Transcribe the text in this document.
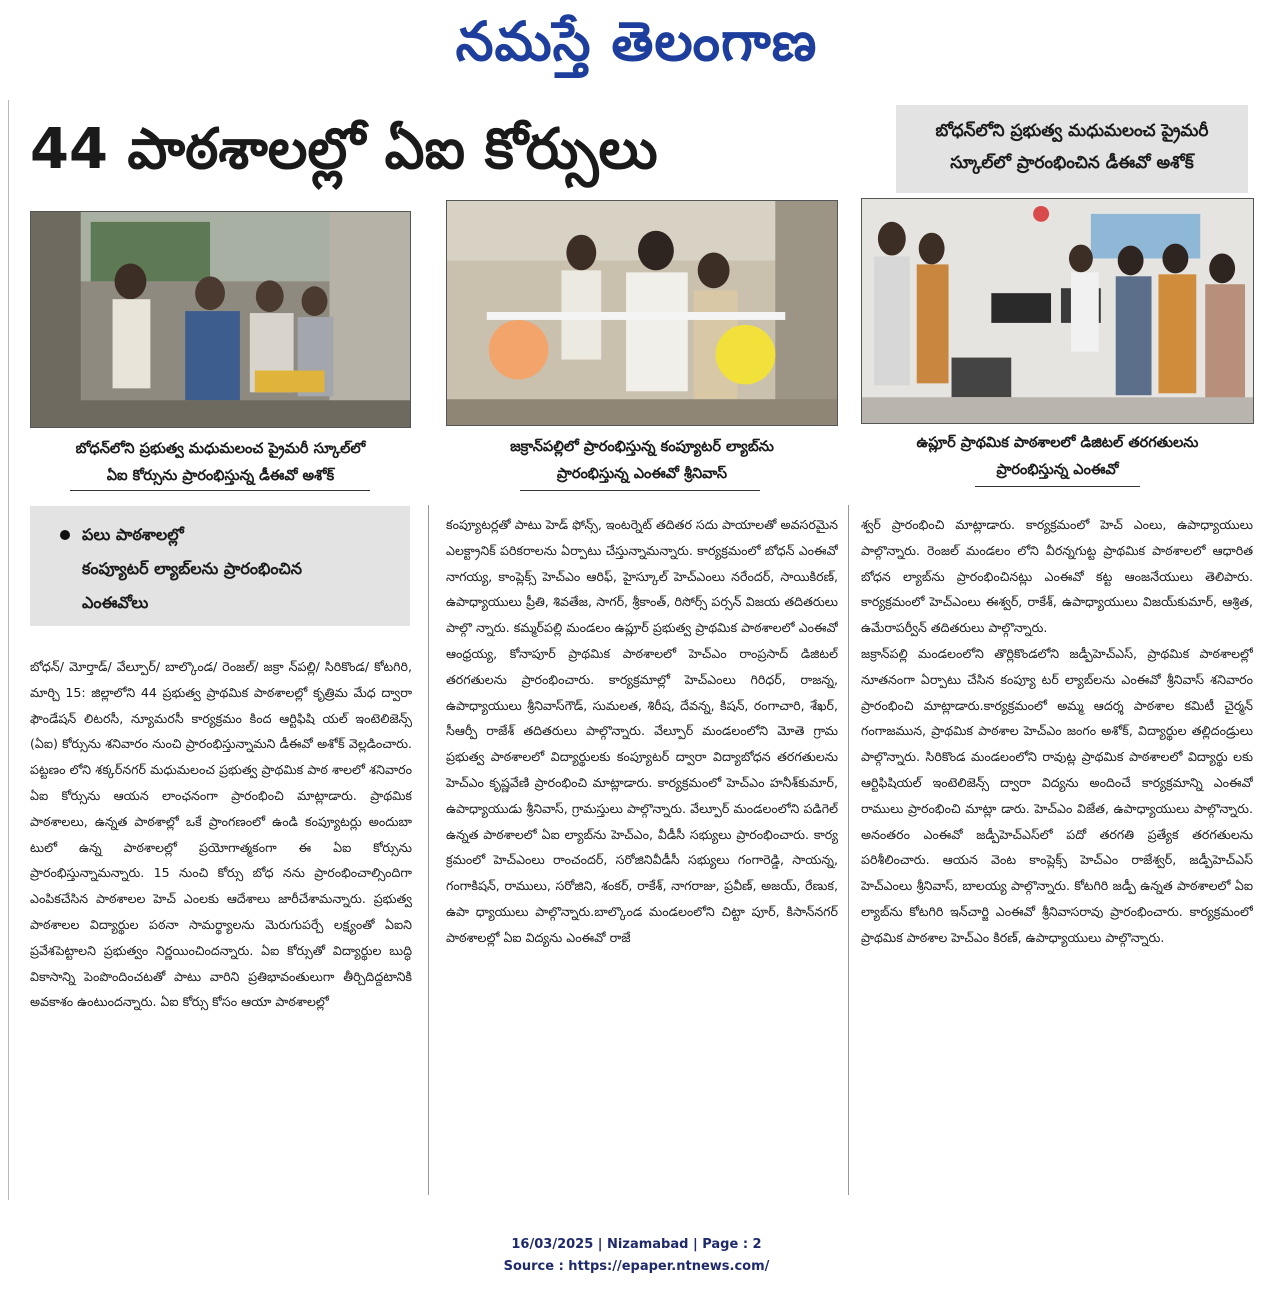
నమస్తే తెలంగాణ
44 పాఠశాలల్లో ఏఐ కోర్సులు	బోధన్‌లోని ప్రభుత్వ మధుమలంచ ప్రైమరీ
స్కూల్‌లో ప్రారంభించిన డీఈవో అశోక్
బోధన్‌లోని ప్రభుత్వ మధుమలంచ ప్రైమరీ స్కూల్‌లో
ఏఐ కోర్సును ప్రారంభిస్తున్న డీఈవో అశోక్
జక్రాన్‌పల్లిలో ప్రారంభిస్తున్న కంప్యూటర్ ల్యాబ్‌ను
ప్రారంభిస్తున్న ఎంఈవో శ్రీనివాస్
ఉప్లూర్ ప్రాథమిక పాఠశాలలో డిజిటల్ తరగతులను
ప్రారంభిస్తున్న ఎంఈవో
పలు పాఠశాలల్లో
కంప్యూటర్ ల్యాబ్‌లను ప్రారంభించిన
ఎంఈవోలు

బోధన్/ మోర్తాడ్/ వేల్పూర్/ బాల్కొండ/ రెంజల్/ జక్రా న్‌పల్లి/ సిరికొండ/ కోటగిరి, మార్చి 15: జిల్లాలోని 44 ప్రభుత్వ ప్రాథమిక పాఠశాలల్లో కృత్రిమ మేధ ద్వారా ఫౌండేషన్ లిటరసీ, న్యూమరసీ కార్యక్రమం కింద ఆర్టిఫిషి యల్ ఇంటెలిజెన్స్ (ఏఐ) కోర్సును శనివారం నుంచి ప్రారంభిస్తున్నామని డీఈవో అశోక్ వెల్లడించారు. పట్టణం లోని శక్కర్‌నగర్ మధుమలంచ ప్రభుత్వ ప్రాథమిక పాఠ శాలలో శనివారం ఏఐ కోర్సును ఆయన లాంఛనంగా ప్రారంభించి మాట్లాడారు. ప్రాథమిక పాఠశాలలు, ఉన్నత పాఠశాల్లో ఒకే ప్రాంగణంలో ఉండి కంప్యూటర్లు అందుబా టులో ఉన్న పాఠశాలల్లో ప్రయోగాత్మకంగా ఈ ఏఐ కోర్సును ప్రారంభిస్తున్నామన్నారు. 15 నుంచి కోర్సు బోధ నను ప్రారంభించాల్సిందిగా ఎంపికచేసిన పాఠశాలల హెచ్ ఎంలకు ఆదేశాలు జారీచేశామన్నారు. ప్రభుత్వ పాఠశాలల విద్యార్థుల పఠనా సామర్థ్యాలను మెరుగుపర్చే లక్ష్యంతో ఏఐని ప్రవేశపెట్టాలని ప్రభుత్వం నిర్ణయించిందన్నారు. ఏఐ కోర్సుతో విద్యార్థుల బుద్ధి వికాసాన్ని పెంపొందించటతో పాటు వారిని ప్రతిభావంతులుగా తీర్చిదిద్దటానికి అవకాశం ఉంటుందన్నారు. ఏఐ కోర్సు కోసం ఆయా పాఠశాలల్లో

కంప్యూటర్లతో పాటు హెడ్ ఫోన్స్, ఇంటర్నెట్ తదితర సదు పాయాలతో అవసరమైన ఎలక్ట్రానిక్ పరికరాలను ఏర్పాటు చేస్తున్నామన్నారు. కార్యక్రమంలో బోధన్ ఎంఈవో నాగయ్య, కాంప్లెక్స్ హెచ్‌ఎం ఆరిఫ్, హైస్కూల్ హెచ్‌ఎంలు నరేందర్, సాయికిరణ్, ఉపాధ్యాయులు ప్రీతి, శివతేజ, సాగర్, శ్రీకాంత్, రిసోర్స్ పర్సన్ విజయ తదితరులు పాల్గొ న్నారు. కమ్మర్‌పల్లి మండలం ఉప్లూర్ ప్రభుత్వ ప్రాథమిక పాఠశాలలో ఎంఈవో ఆంధ్రయ్య, కోనాపూర్ ప్రాథమిక పాఠశాలలో హెచ్‌ఎం రాంప్రసాద్ డిజిటల్ తరగతులను ప్రారంభించారు. కార్యక్రమాల్లో హెచ్‌ఎంలు గిరిధర్, రాజన్న, ఉపాధ్యాయులు శ్రీనివాస్‌గౌడ్, సుమలత, శిరీష, దేవన్న, కిషన్, రంగాచారి, శేఖర్, సీఆర్పీ రాజేశ్ తదితరులు పాల్గొన్నారు. వేల్పూర్ మండలంలోని మోతె గ్రామ ప్రభుత్వ పాఠశాలలో విద్యార్థులకు కంప్యూటర్ ద్వారా విద్యాబోధన తరగతులను హెచ్‌ఎం కృష్ణవేణి ప్రారంభించి మాట్లాడారు. కార్యక్రమంలో హెచ్‌ఎం హనీశ్‌కుమార్, ఉపాధ్యాయుడు శ్రీనివాస్, గ్రామస్తులు పాల్గొన్నారు. వేల్పూర్ మండలంలోని పడిగెల్ ఉన్నత పాఠశాలలో ఏఐ ల్యాబ్‌ను హెచ్‌ఎం, వీడీసీ సభ్యులు ప్రారంభించారు. కార్య క్రమంలో హెచ్‌ఎంలు రాంచందర్, సరోజినివీడీసీ సభ్యులు గంగారెడ్డి, సాయన్న, గంగాకిషన్, రాములు, సరోజిని, శంకర్, రాకేశ్, నాగరాజు, ప్రవీణ్, అజయ్, రేణుక, ఉపా ధ్యాయులు పాల్గొన్నారు.బాల్కొండ మండలంలోని చిట్టా పూర్, కిసాన్‌నగర్ పాఠశాలల్లో ఏఐ విద్యను ఎంఈవో రాజే

శ్వర్ ప్రారంభించి మాట్లాడారు. కార్యక్రమంలో హెచ్‌ ఎంలు, ఉపాధ్యాయులు పాల్గొన్నారు. రెంజల్ మండలం లోని వీరన్నగుట్ట ప్రాథమిక పాఠశాలలో ఆధారిత బోధన ల్యాబ్‌ను ప్రారంభించినట్లు ఎంఈవో కట్ట ఆంజనేయులు తెలిపారు. కార్యక్రమంలో హెచ్‌ఎంలు ఈశ్వర్, రాకేశ్, ఉపాధ్యాయులు విజయ్‌కుమార్, ఆశ్రిత, ఉమేరాపర్వీన్ తదితరులు పాల్గొన్నారు.

జక్రాన్‌పల్లి మండలంలోని తొర్లికొండలోని జడ్పీహెచ్‌ఎస్, ప్రాథమిక పాఠశాలల్లో నూతనంగా ఏర్పాటు చేసిన కంప్యూ టర్ ల్యాబ్‌లను ఎంఈవో శ్రీనివాస్ శనివారం ప్రారంభించి మాట్లాడారు.కార్యక్రమంలో అమ్మ ఆదర్శ పాఠశాల కమిటీ చైర్మన్ గంగాజమున, ప్రాథమిక పాఠశాల హెచ్‌ఎం జంగం అశోక్, విద్యార్థుల తల్లిదండ్రులు పాల్గొన్నారు. సిరికొండ మండలంలోని రావుట్ల ప్రాథమిక పాఠశాలలో విద్యార్థు లకు ఆర్టిఫిషియల్ ఇంటెలిజెన్స్ ద్వారా విద్యను అందించే కార్యక్రమాన్ని ఎంఈవో రాములు ప్రారంభించి మాట్లా డారు. హెచ్‌ఎం విజేత, ఉపాధ్యాయులు పాల్గొన్నారు. అనంతరం ఎంఈవో జడ్పీహెచ్‌ఎస్‌లో పదో తరగతి ప్రత్యేక తరగతులను పరిశీలించారు. ఆయన వెంట కాంప్లెక్స్ హెచ్‌ఎం రాజేశ్వర్, జడ్పీహెచ్‌ఎస్ హెచ్‌ఎంలు శ్రీనివాస్, బాలయ్య పాల్గొన్నారు. కోటగిరి జడ్పీ ఉన్నత పాఠశాలలో ఏఐ ల్యాబ్‌ను కోటగిరి ఇన్‌చార్జి ఎంఈవో శ్రీనివాసరావు ప్రారంభించారు. కార్యక్రమంలో ప్రాథమిక పాఠశాల హెచ్‌ఎం కిరణ్, ఉపాధ్యాయులు పాల్గొన్నారు.

16/03/2025 | Nizamabad | Page : 2
Source : https://epaper.ntnews.com/
